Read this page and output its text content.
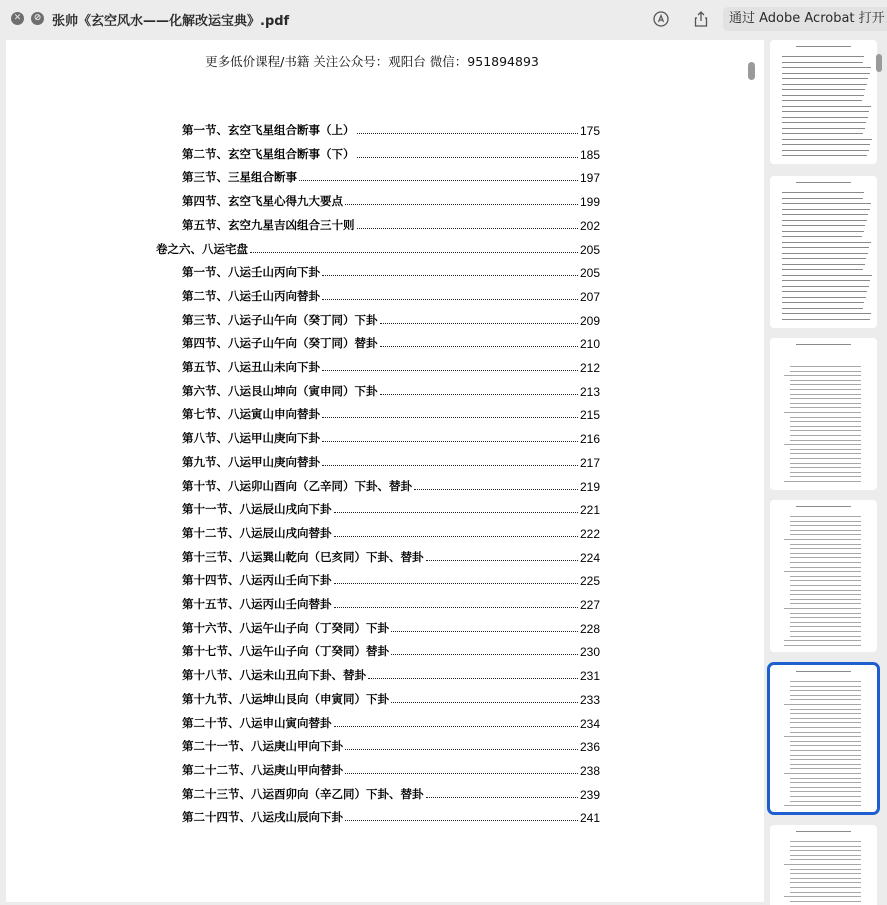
✕	⊘ 张帅《玄空风水——化解改运宝典》.pdf	通过 Adobe Acrobat 打开
更多低价课程/书籍 关注公众号：观阳台 微信：951894893
第一节、玄空飞星组合断事（上）	175
第二节、玄空飞星组合断事（下）	185
第三节、三星组合断事	197
第四节、玄空飞星心得九大要点	199
第五节、玄空九星吉凶组合三十则	202
卷之六、八运宅盘	205
第一节、八运壬山丙向下卦	205
第二节、八运壬山丙向替卦	207
第三节、八运子山午向（癸丁同）下卦	209
第四节、八运子山午向（癸丁同）替卦	210
第五节、八运丑山未向下卦	212
第六节、八运艮山坤向（寅申同）下卦	213
第七节、八运寅山申向替卦	215
第八节、八运甲山庚向下卦	216
第九节、八运甲山庚向替卦	217
第十节、八运卯山酉向（乙辛同）下卦、替卦	219
第十一节、八运辰山戌向下卦	221
第十二节、八运辰山戌向替卦	222
第十三节、八运巽山乾向（巳亥同）下卦、替卦	224
第十四节、八运丙山壬向下卦	225
第十五节、八运丙山壬向替卦	227
第十六节、八运午山子向（丁癸同）下卦	228
第十七节、八运午山子向（丁癸同）替卦	230
第十八节、八运未山丑向下卦、替卦	231
第十九节、八运坤山艮向（申寅同）下卦	233
第二十节、八运申山寅向替卦	234
第二十一节、八运庚山甲向下卦	236
第二十二节、八运庚山甲向替卦	238
第二十三节、八运酉卯向（辛乙同）下卦、替卦	239
第二十四节、八运戌山辰向下卦	241
